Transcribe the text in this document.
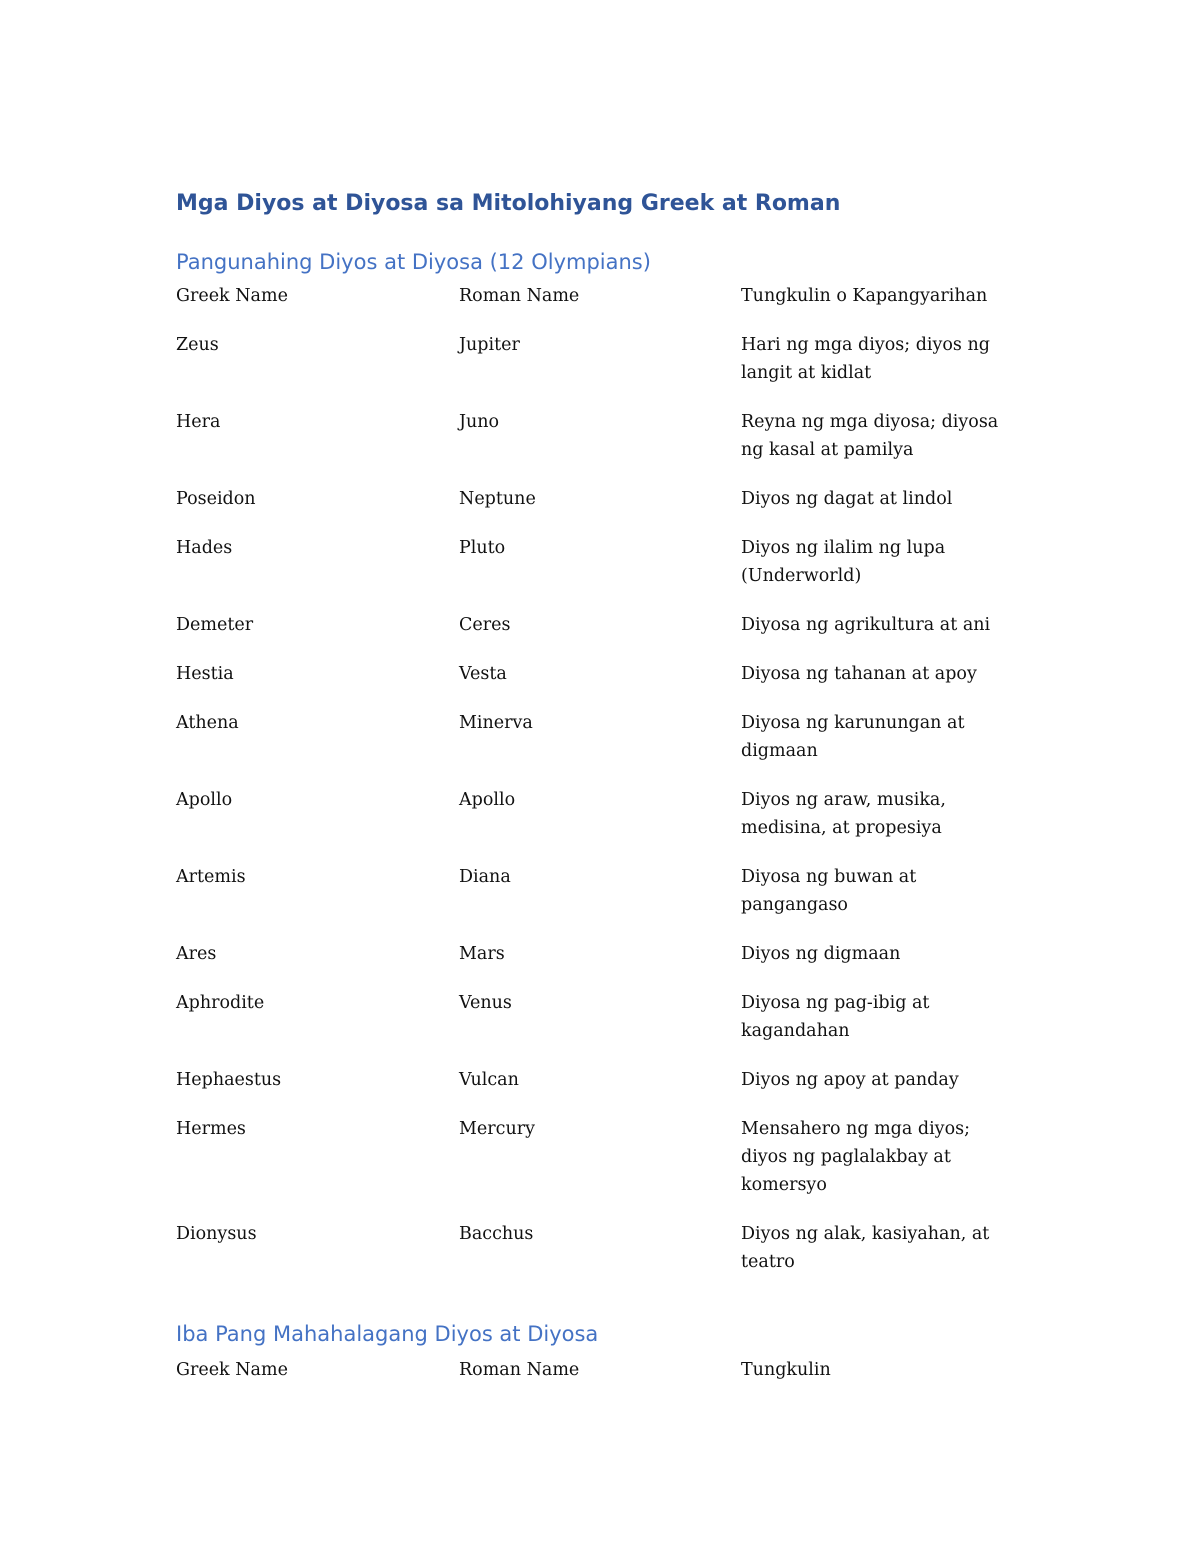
Mga Diyos at Diyosa sa Mitolohiyang Greek at Roman
Pangunahing Diyos at Diyosa (12 Olympians)
Greek Name	Roman Name	Tungkulin o Kapangyarihan
Zeus	Jupiter	Hari ng mga diyos; diyos ng langit at kidlat
Hera	Juno	Reyna ng mga diyosa; diyosa ng kasal at pamilya
Poseidon	Neptune	Diyos ng dagat at lindol
Hades	Pluto	Diyos ng ilalim ng lupa (Underworld)
Demeter	Ceres	Diyosa ng agrikultura at ani
Hestia	Vesta	Diyosa ng tahanan at apoy
Athena	Minerva	Diyosa ng karunungan at digmaan
Apollo	Apollo	Diyos ng araw, musika, medisina, at propesiya
Artemis	Diana	Diyosa ng buwan at pangangaso
Ares	Mars	Diyos ng digmaan
Aphrodite	Venus	Diyosa ng pag-ibig at kagandahan
Hephaestus	Vulcan	Diyos ng apoy at panday
Hermes	Mercury	Mensahero ng mga diyos; diyos ng paglalakbay at komersyo
Dionysus	Bacchus	Diyos ng alak, kasiyahan, at teatro
Iba Pang Mahahalagang Diyos at Diyosa
Greek Name	Roman Name	Tungkulin
